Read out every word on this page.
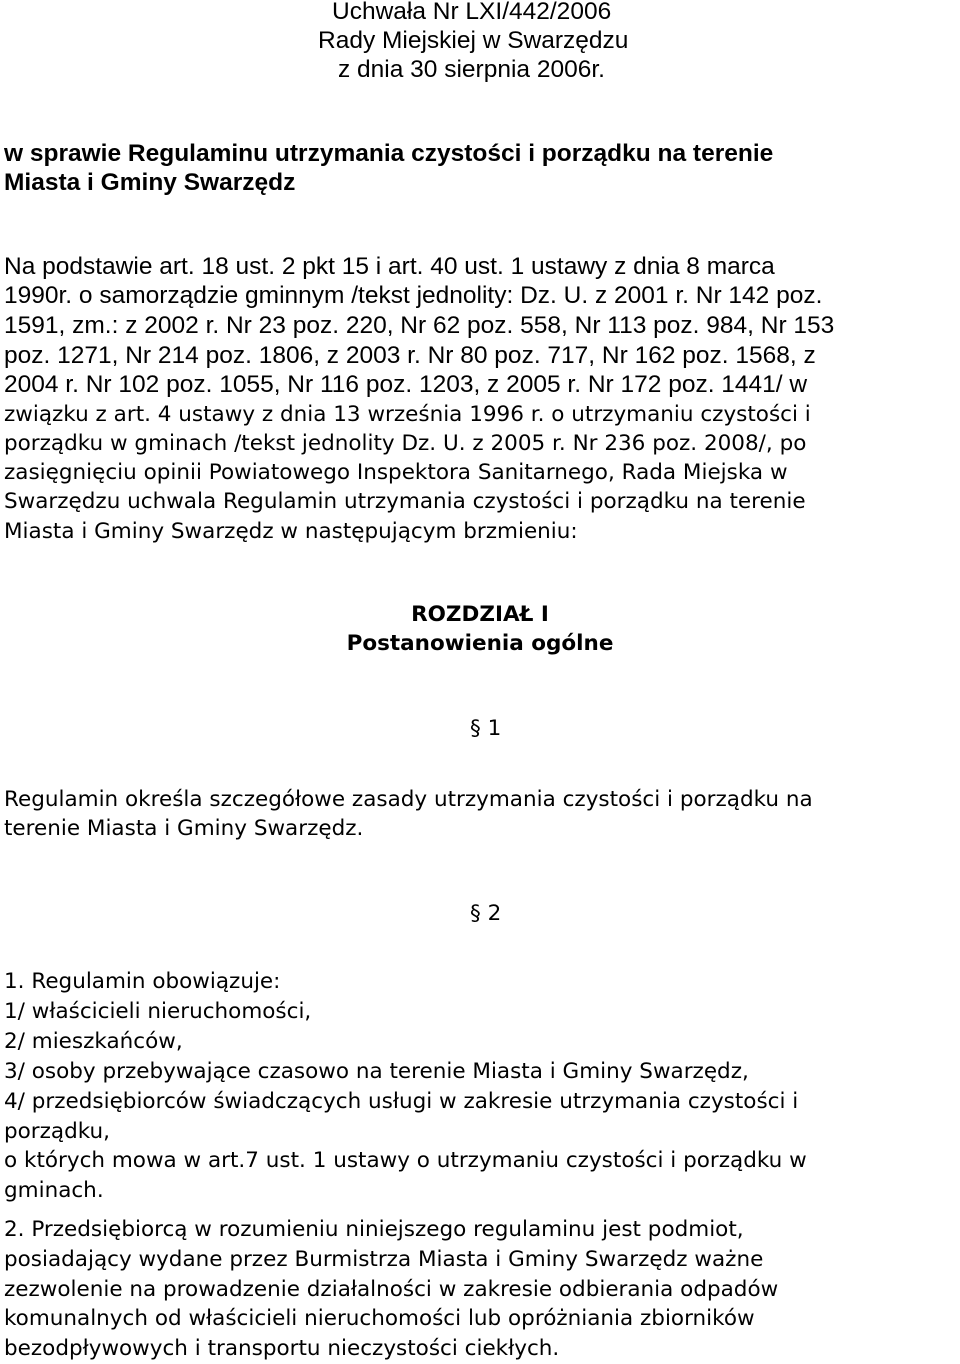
Uchwała Nr LXI/442/2006

Rady Miejskiej w Swarzędzu

z dnia 30 sierpnia 2006r.

w sprawie Regulaminu utrzymania czystości i porządku na terenie

Miasta i Gminy Swarzędz

Na podstawie art. 18 ust. 2 pkt 15 i art. 40 ust. 1 ustawy z dnia 8 marca

1990r. o samorządzie gminnym /tekst jednolity: Dz. U. z 2001 r. Nr 142 poz.

1591, zm.: z 2002 r. Nr 23 poz. 220, Nr 62 poz. 558, Nr 113 poz. 984, Nr 153

poz. 1271, Nr 214 poz. 1806, z 2003 r. Nr 80 poz. 717, Nr 162 poz. 1568, z

2004 r. Nr 102 poz. 1055, Nr 116 poz. 1203, z 2005 r. Nr 172 poz. 1441/ w

związku z art. 4 ustawy z dnia 13 września 1996 r. o utrzymaniu czystości i

porządku w gminach /tekst jednolity Dz. U. z 2005 r. Nr 236 poz. 2008/, po

zasięgnięciu opinii Powiatowego Inspektora Sanitarnego, Rada Miejska w

Swarzędzu uchwala Regulamin utrzymania czystości i porządku na terenie

Miasta i Gminy Swarzędz w następującym brzmieniu:

ROZDZIAŁ I

Postanowienia ogólne

§ 1

Regulamin określa szczegółowe zasady utrzymania czystości i porządku na

terenie Miasta i Gminy Swarzędz.

§ 2

1. Regulamin obowiązuje:

1/ właścicieli nieruchomości,

2/ mieszkańców,

3/ osoby przebywające czasowo na terenie Miasta i Gminy Swarzędz,

4/ przedsiębiorców świadczących usługi w zakresie utrzymania czystości i

porządku,

o których mowa w art.7 ust. 1 ustawy o utrzymaniu czystości i porządku w

gminach.

2. Przedsiębiorcą w rozumieniu niniejszego regulaminu jest podmiot,

posiadający wydane przez Burmistrza Miasta i Gminy Swarzędz ważne

zezwolenie na prowadzenie działalności w zakresie odbierania odpadów

komunalnych od właścicieli nieruchomości lub opróżniania zbiorników

bezodpływowych i transportu nieczystości ciekłych.
